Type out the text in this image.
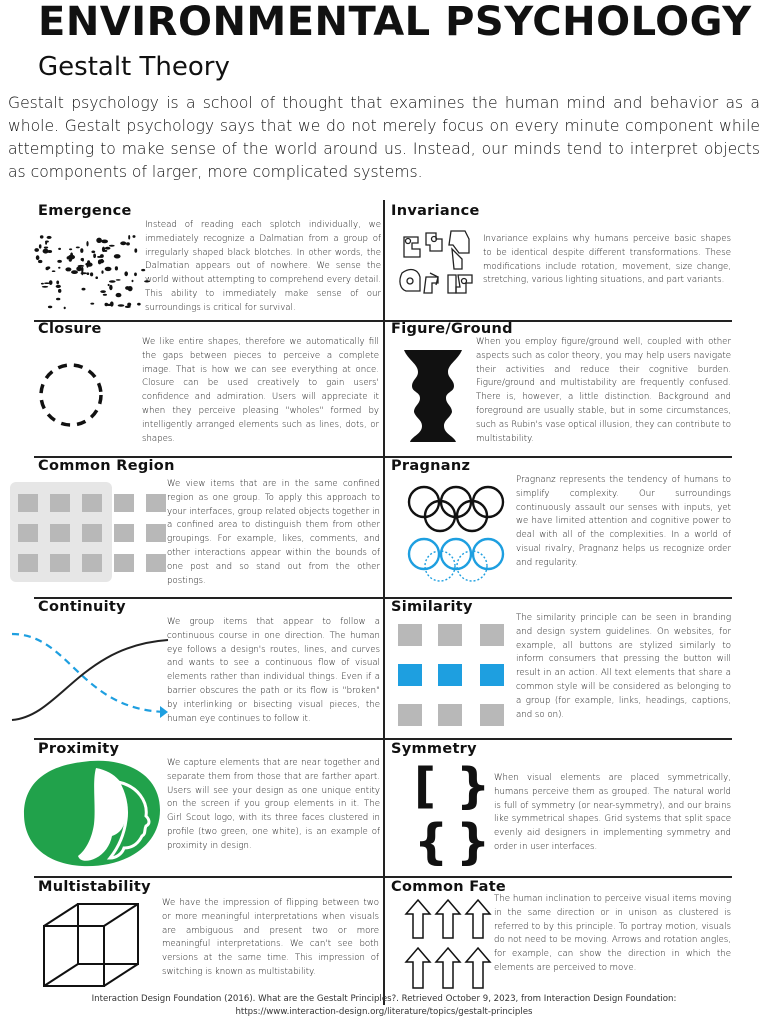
ENVIRONMENTAL PSYCHOLOGY
Gestalt Theory

Gestalt psychology is a school of thought that examines the human mind and behavior as a whole. Gestalt psychology says that we do not merely focus on every minute component while attempting to make sense of the world around us. Instead, our minds tend to interpret objects as components of larger, more complicated systems.

Emergence

Instead of reading each splotch individually, we immediately recognize a Dalmatian from a group of irregularly shaped black blotches. In other words, the Dalmatian appears out of nowhere. We sense the world without attempting to comprehend every detail. This ability to immediately make sense of our surroundings is critical for survival.

Invariance

Invariance explains why humans perceive basic shapes to be identical despite different transformations. These modifications include rotation, movement, size change, stretching, various lighting situations, and part variants.

Closure

We like entire shapes, therefore we automatically fill the gaps between pieces to perceive a complete image. That is how we can see everything at once. Closure can be used creatively to gain users' confidence and admiration. Users will appreciate it when they perceive pleasing "wholes" formed by intelligently arranged elements such as lines, dots, or shapes.

Figure/Ground

When you employ figure/ground well, coupled with other aspects such as color theory, you may help users navigate their activities and reduce their cognitive burden. Figure/ground and multistability are frequently confused. There is, however, a little distinction. Background and foreground are usually stable, but in some circumstances, such as Rubin's vase optical illusion, they can contribute to multistability.

Common Region

We view items that are in the same confined region as one group. To apply this approach to your interfaces, group related objects together in a confined area to distinguish them from other groupings. For example, likes, comments, and other interactions appear within the bounds of one post and so stand out from the other postings.

Pragnanz

Pragnanz represents the tendency of humans to simplify complexity. Our surroundings continuously assault our senses with inputs, yet we have limited attention and cognitive power to deal with all of the complexities. In a world of visual rivalry, Pragnanz helps us recognize order and regularity.

Continuity

We group items that appear to follow a continuous course in one direction. The human eye follows a design's routes, lines, and curves and wants to see a continuous flow of visual elements rather than individual things. Even if a barrier obscures the path or its flow is "broken" by interlinking or bisecting visual pieces, the human eye continues to follow it.

Similarity

The similarity principle can be seen in branding and design system guidelines. On websites, for example, all buttons are stylized similarly to inform consumers that pressing the button will result in an action. All text elements that share a common style will be considered as belonging to a group (for example, links, headings, captions, and so on).

Proximity

We capture elements that are near together and separate them from those that are farther apart. Users will see your design as one unique entity on the screen if you group elements in it. The Girl Scout logo, with its three faces clustered in profile (two green, one white), is an example of proximity in design.

Symmetry
[ }
{ }

When visual elements are placed symmetrically, humans perceive them as grouped. The natural world is full of symmetry (or near-symmetry), and our brains like symmetrical shapes. Grid systems that split space evenly aid designers in implementing symmetry and order in user interfaces.

Multistability

We have the impression of flipping between two or more meaningful interpretations when visuals are ambiguous and present two or more meaningful interpretations. We can't see both versions at the same time. This impression of switching is known as multistability.

Common Fate

The human inclination to perceive visual items moving in the same direction or in unison as clustered is referred to by this principle. To portray motion, visuals do not need to be moving. Arrows and rotation angles, for example, can show the direction in which the elements are perceived to move.

Interaction Design Foundation (2016). What are the Gestalt Principles?. Retrieved October 9, 2023, from Interaction Design Foundation: https://www.interaction-design.org/literature/topics/gestalt-principles
